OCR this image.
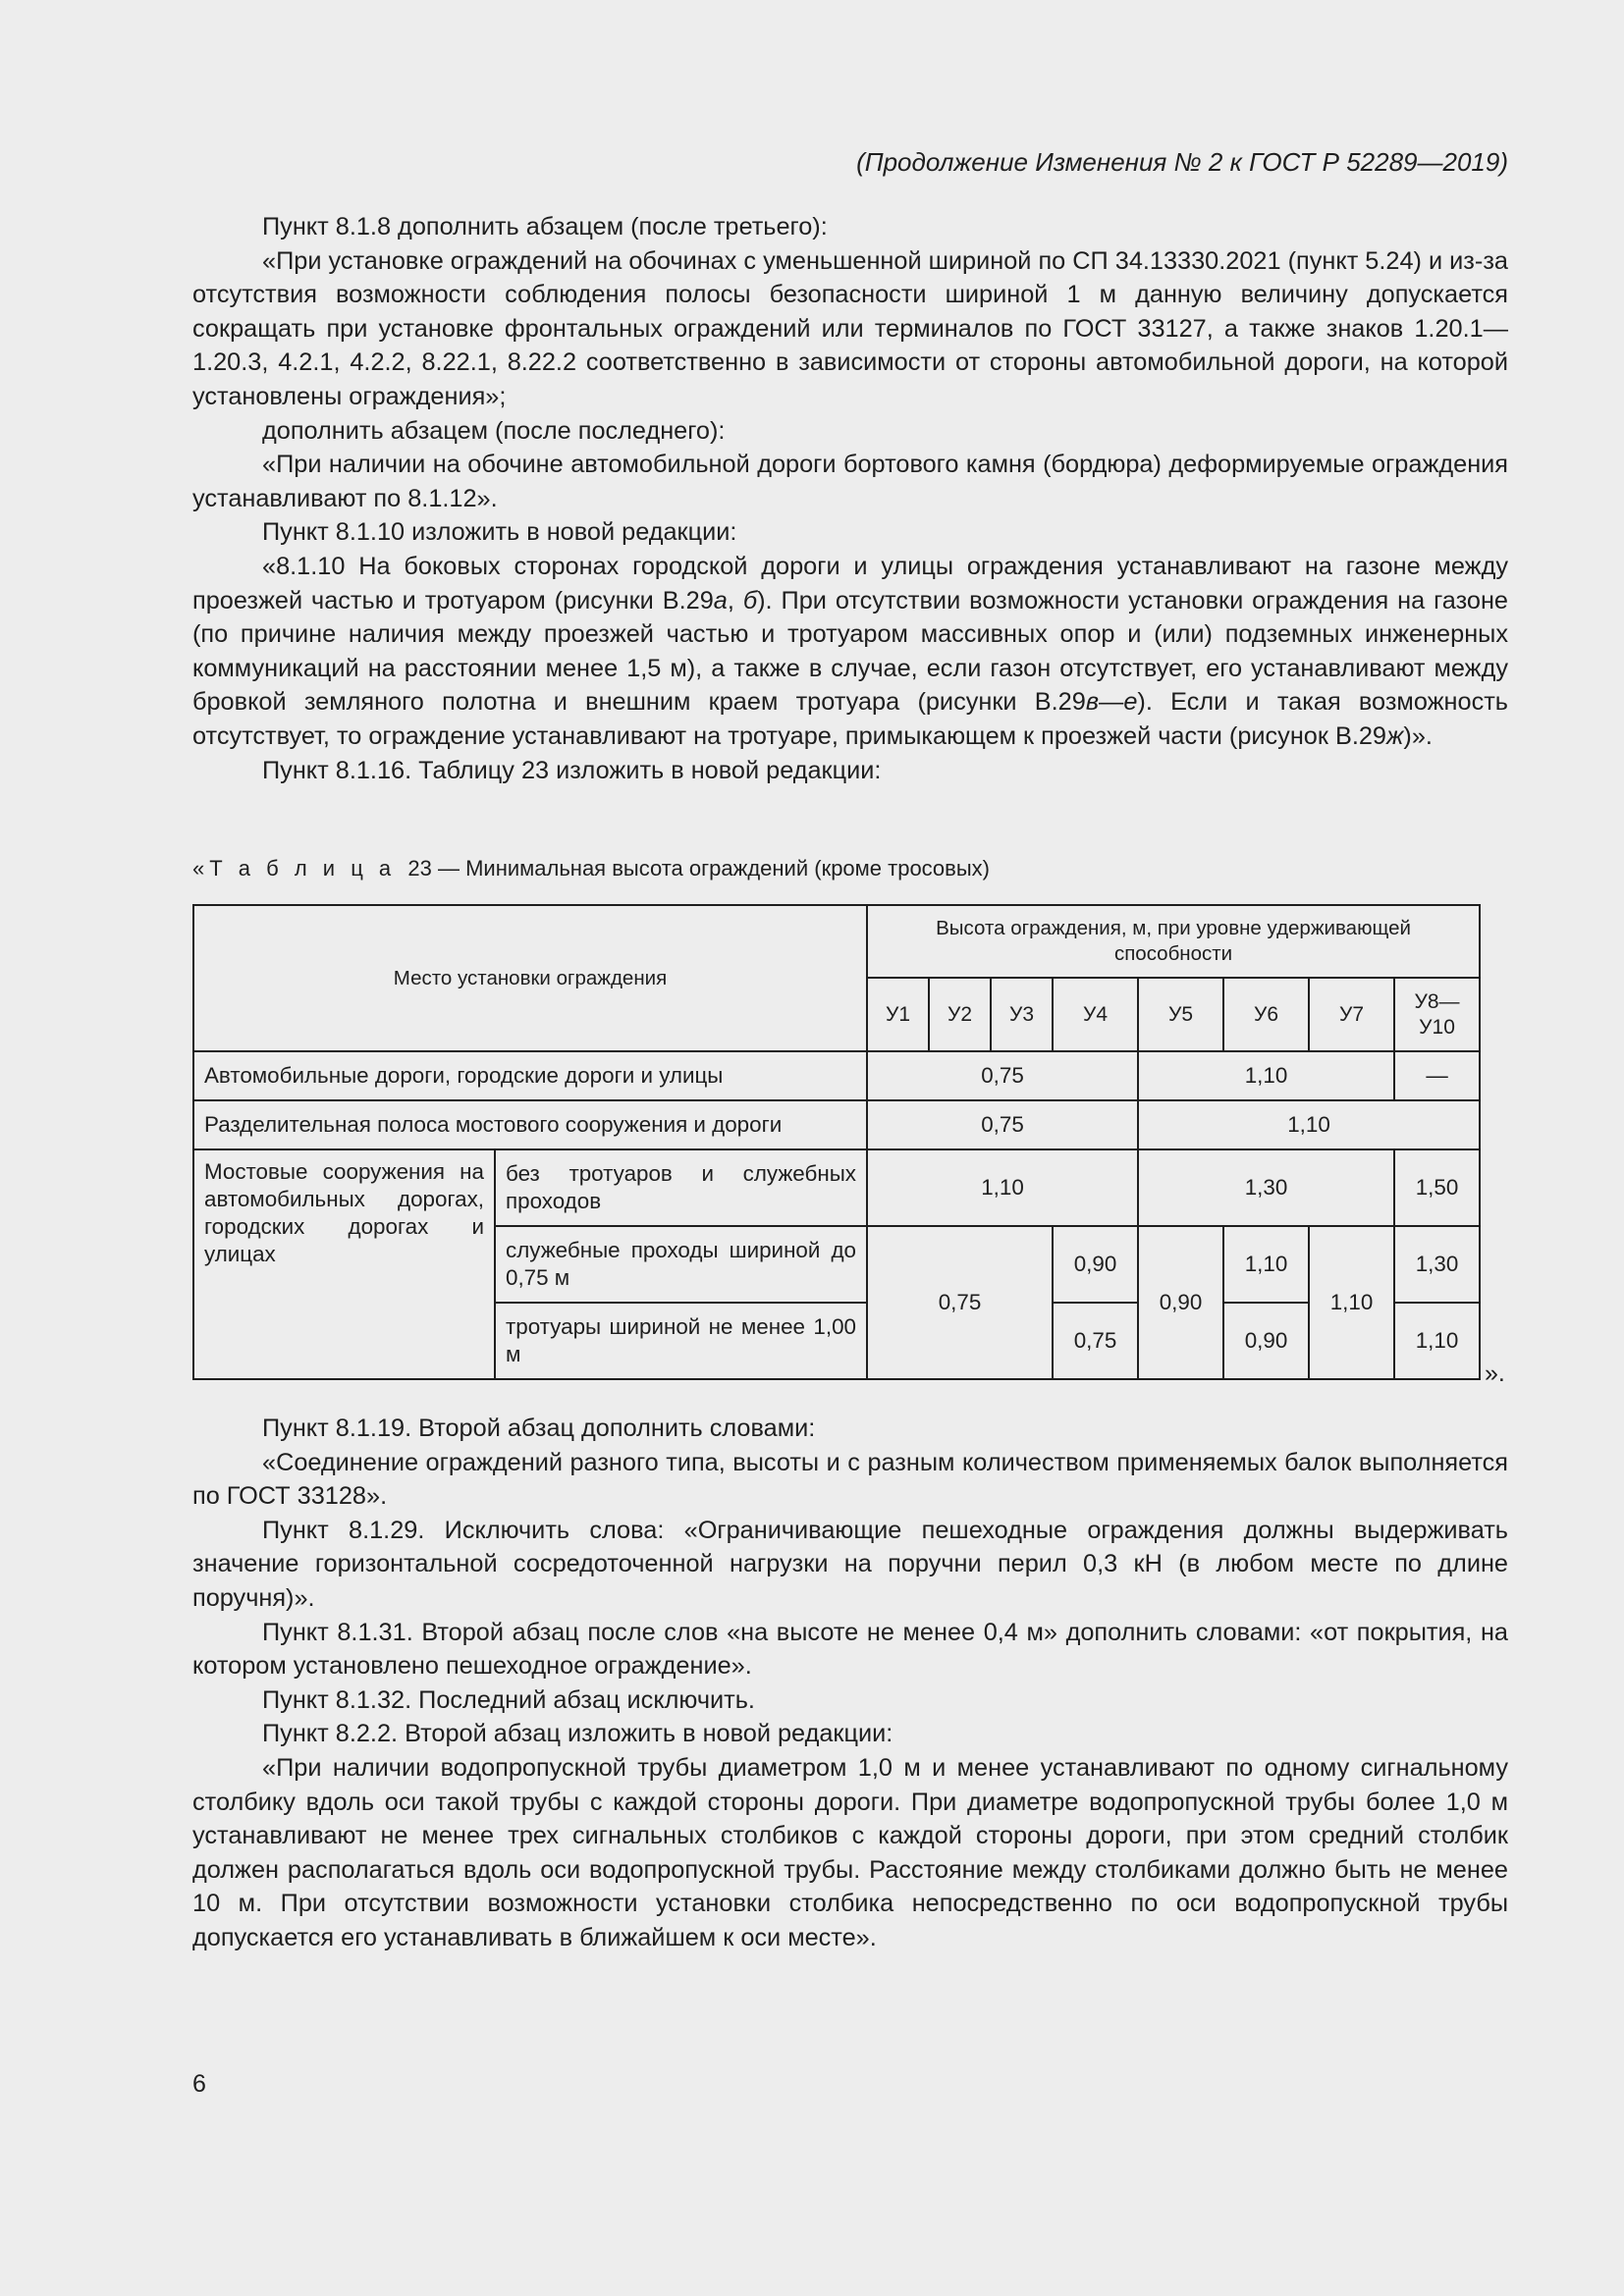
(Продолжение Изменения № 2 к ГОСТ Р 52289—2019)

Пункт 8.1.8 дополнить абзацем (после третьего):

«При установке ограждений на обочинах с уменьшенной шириной по СП 34.13330.2021 (пункт 5.24) и из-за отсутствия возможности соблюдения полосы безопасности шириной 1 м данную величину допускается сокращать при установке фронтальных ограждений или терминалов по ГОСТ 33127, а также знаков 1.20.1—1.20.3, 4.2.1, 4.2.2, 8.22.1, 8.22.2 соответственно в зависимости от стороны автомобильной дороги, на которой установлены ограждения»;

дополнить абзацем (после последнего):

«При наличии на обочине автомобильной дороги бортового камня (бордюра) деформируемые ограждения устанавливают по 8.1.12».

Пункт 8.1.10 изложить в новой редакции:

«8.1.10 На боковых сторонах городской дороги и улицы ограждения устанавливают на газоне между проезжей частью и тротуаром (рисунки В.29а, б). При отсутствии возможности установки ограждения на газоне (по причине наличия между проезжей частью и тротуаром массивных опор и (или) подземных инженерных коммуникаций на расстоянии менее 1,5 м), а также в случае, если газон отсутствует, его устанавливают между бровкой земляного полотна и внешним краем тротуара (рисунки В.29в—е). Если и такая возможность отсутствует, то ограждение устанавливают на тротуаре, примыкающем к проезжей части (рисунок В.29ж)».

Пункт 8.1.16. Таблицу 23 изложить в новой редакции:

«Т а б л и ц а 23 — Минимальная высота ограждений (кроме тросовых)
Место установки ограждения		Высота ограждения, м, при уровне удерживающей способности							
		У1	У2	У3	У4	У5	У6	У7	У8—У10
Автомобильные дороги, городские дороги и улицы		0,75				1,10			—
Разделительная полоса мостового сооружения и дороги		0,75				1,10			
Мостовые сооружения на автомобильных дорогах, городских дорогах и улицах	без тротуаров и служебных проходов	1,10				1,30			1,50
	служебные проходы шириной до 0,75 м	0,75			0,90	0,90	1,10	1,10	1,30
	тротуары шириной не менее 1,00 м				0,75		0,90		1,10
».

Пункт 8.1.19. Второй абзац дополнить словами:

«Соединение ограждений разного типа, высоты и с разным количеством применяемых балок выполняется по ГОСТ 33128».

Пункт 8.1.29. Исключить слова: «Ограничивающие пешеходные ограждения должны выдерживать значение горизонтальной сосредоточенной нагрузки на поручни перил 0,3 кН (в любом месте по длине поручня)».

Пункт 8.1.31. Второй абзац после слов «на высоте не менее 0,4 м» дополнить словами: «от покрытия, на котором установлено пешеходное ограждение».

Пункт 8.1.32. Последний абзац исключить.

Пункт 8.2.2. Второй абзац изложить в новой редакции:

«При наличии водопропускной трубы диаметром 1,0 м и менее устанавливают по одному сигнальному столбику вдоль оси такой трубы с каждой стороны дороги. При диаметре водопропускной трубы более 1,0 м устанавливают не менее трех сигнальных столбиков с каждой стороны дороги, при этом средний столбик должен располагаться вдоль оси водопропускной трубы. Расстояние между столбиками должно быть не менее 10 м. При отсутствии возможности установки столбика непосредственно по оси водопропускной трубы допускается его устанавливать в ближайшем к оси месте».

6
